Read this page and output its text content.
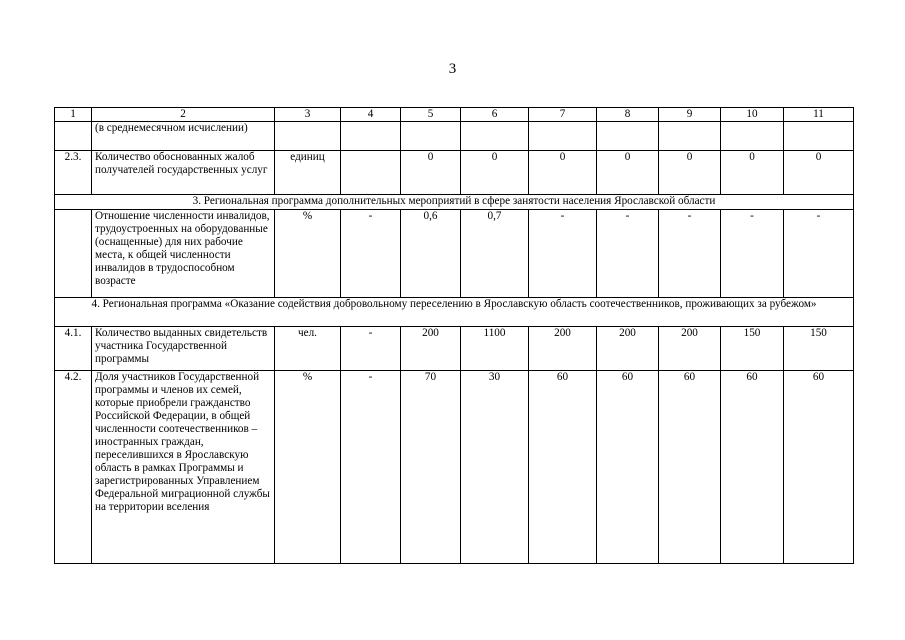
3
1	2	3	4	5	6	7	8	9	10	11
	(в среднемесячном исчислении)									
2.3.	Количество обоснованных жалоб получателей государственных услуг	единиц		0	0	0	0	0	0	0
3. Региональная программа дополнительных мероприятий в сфере занятости населения Ярославской области										
	Отношение численности инвалидов, трудоустроенных на оборудованные (оснащенные) для них рабочие места, к общей численности инвалидов в трудоспособном возрасте	%	-	0,6	0,7	-	-	-	-	-
4. Региональная программа «Оказание содействия добровольному переселению в Ярославскую область соотечественников, проживающих за рубежом»										
4.1.	Количество выданных свидетельств участника Государственной программы	чел.	-	200	1100	200	200	200	150	150
4.2.	Доля участников Государственной программы и членов их семей, которые приобрели гражданство Российской Федерации, в общей численности соотечественников – иностранных граждан, переселившихся в Ярославскую область в рамках Программы и зарегистрированных Управлением Федеральной миграционной службы на территории вселения	%	-	70	30	60	60	60	60	60
